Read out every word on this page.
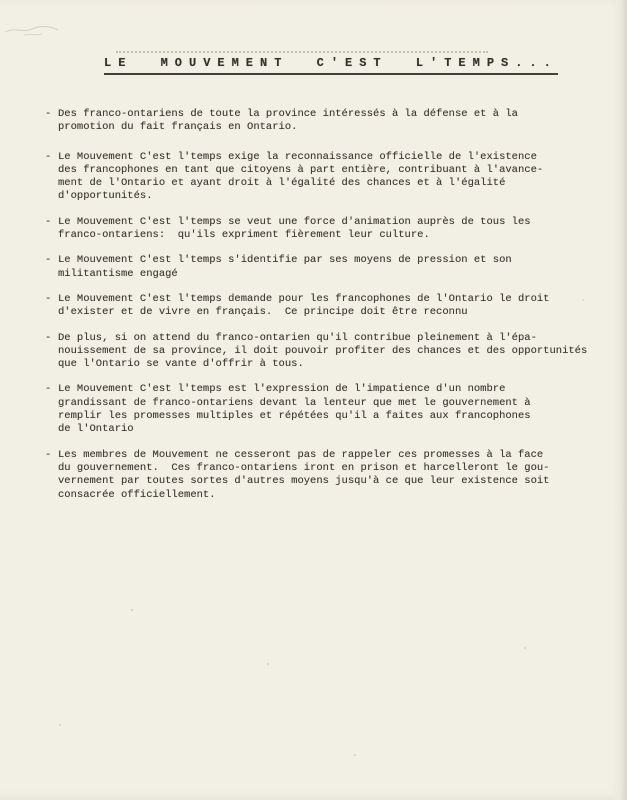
LE MOUVEMENT C'EST L'TEMPS...
- Des franco-ontariens de toute la province intéressés à la défense et à la
promotion du fait français en Ontario.
- Le Mouvement C'est l'temps exige la reconnaissance officielle de l'existence
des francophones en tant que citoyens à part entière, contribuant à l'avance-
ment de l'Ontario et ayant droit à l'égalité des chances et à l'égalité
d'opportunités.
- Le Mouvement C'est l'temps se veut une force d'animation auprès de tous les
franco-ontariens:  qu'ils expriment fièrement leur culture.
- Le Mouvement C'est l'temps s'identifie par ses moyens de pression et son
militantisme engagé
- Le Mouvement C'est l'temps demande pour les francophones de l'Ontario le droit
d'exister et de vivre en français.  Ce principe doit être reconnu
- De plus, si on attend du franco-ontarien qu'il contribue pleinement à l'épa-
nouissement de sa province, il doit pouvoir profiter des chances et des opportunités
que l'Ontario se vante d'offrir à tous.
- Le Mouvement C'est l'temps est l'expression de l'impatience d'un nombre
grandissant de franco-ontariens devant la lenteur que met le gouvernement à
remplir les promesses multiples et répétées qu'il a faites aux francophones
de l'Ontario
- Les membres de Mouvement ne cesseront pas de rappeler ces promesses à la face
du gouvernement.  Ces franco-ontariens iront en prison et harcelleront le gou-
vernement par toutes sortes d'autres moyens jusqu'à ce que leur existence soit
consacrée officiellement.
